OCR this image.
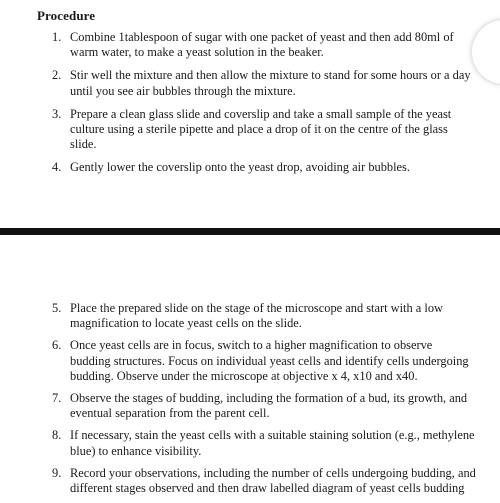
Procedure
1. Combine 1tablespoon of sugar with one packet of yeast and then add 80ml of warm water, to make a yeast solution in the beaker.
2. Stir well the mixture and then allow the mixture to stand for some hours or a day until you see air bubbles through the mixture.
3. Prepare a clean glass slide and coverslip and take a small sample of the yeast culture using a sterile pipette and place a drop of it on the centre of the glass slide.
4. Gently lower the coverslip onto the yeast drop, avoiding air bubbles.
5. Place the prepared slide on the stage of the microscope and start with a low magnification to locate yeast cells on the slide.
6. Once yeast cells are in focus, switch to a higher magnification to observe budding structures. Focus on individual yeast cells and identify cells undergoing budding. Observe under the microscope at objective x 4, x10 and x40.
7. Observe the stages of budding, including the formation of a bud, its growth, and eventual separation from the parent cell.
8. If necessary, stain the yeast cells with a suitable staining solution (e.g., methylene blue) to enhance visibility.
9. Record your observations, including the number of cells undergoing budding, and different stages observed and then draw labelled diagram of yeast cells budding
